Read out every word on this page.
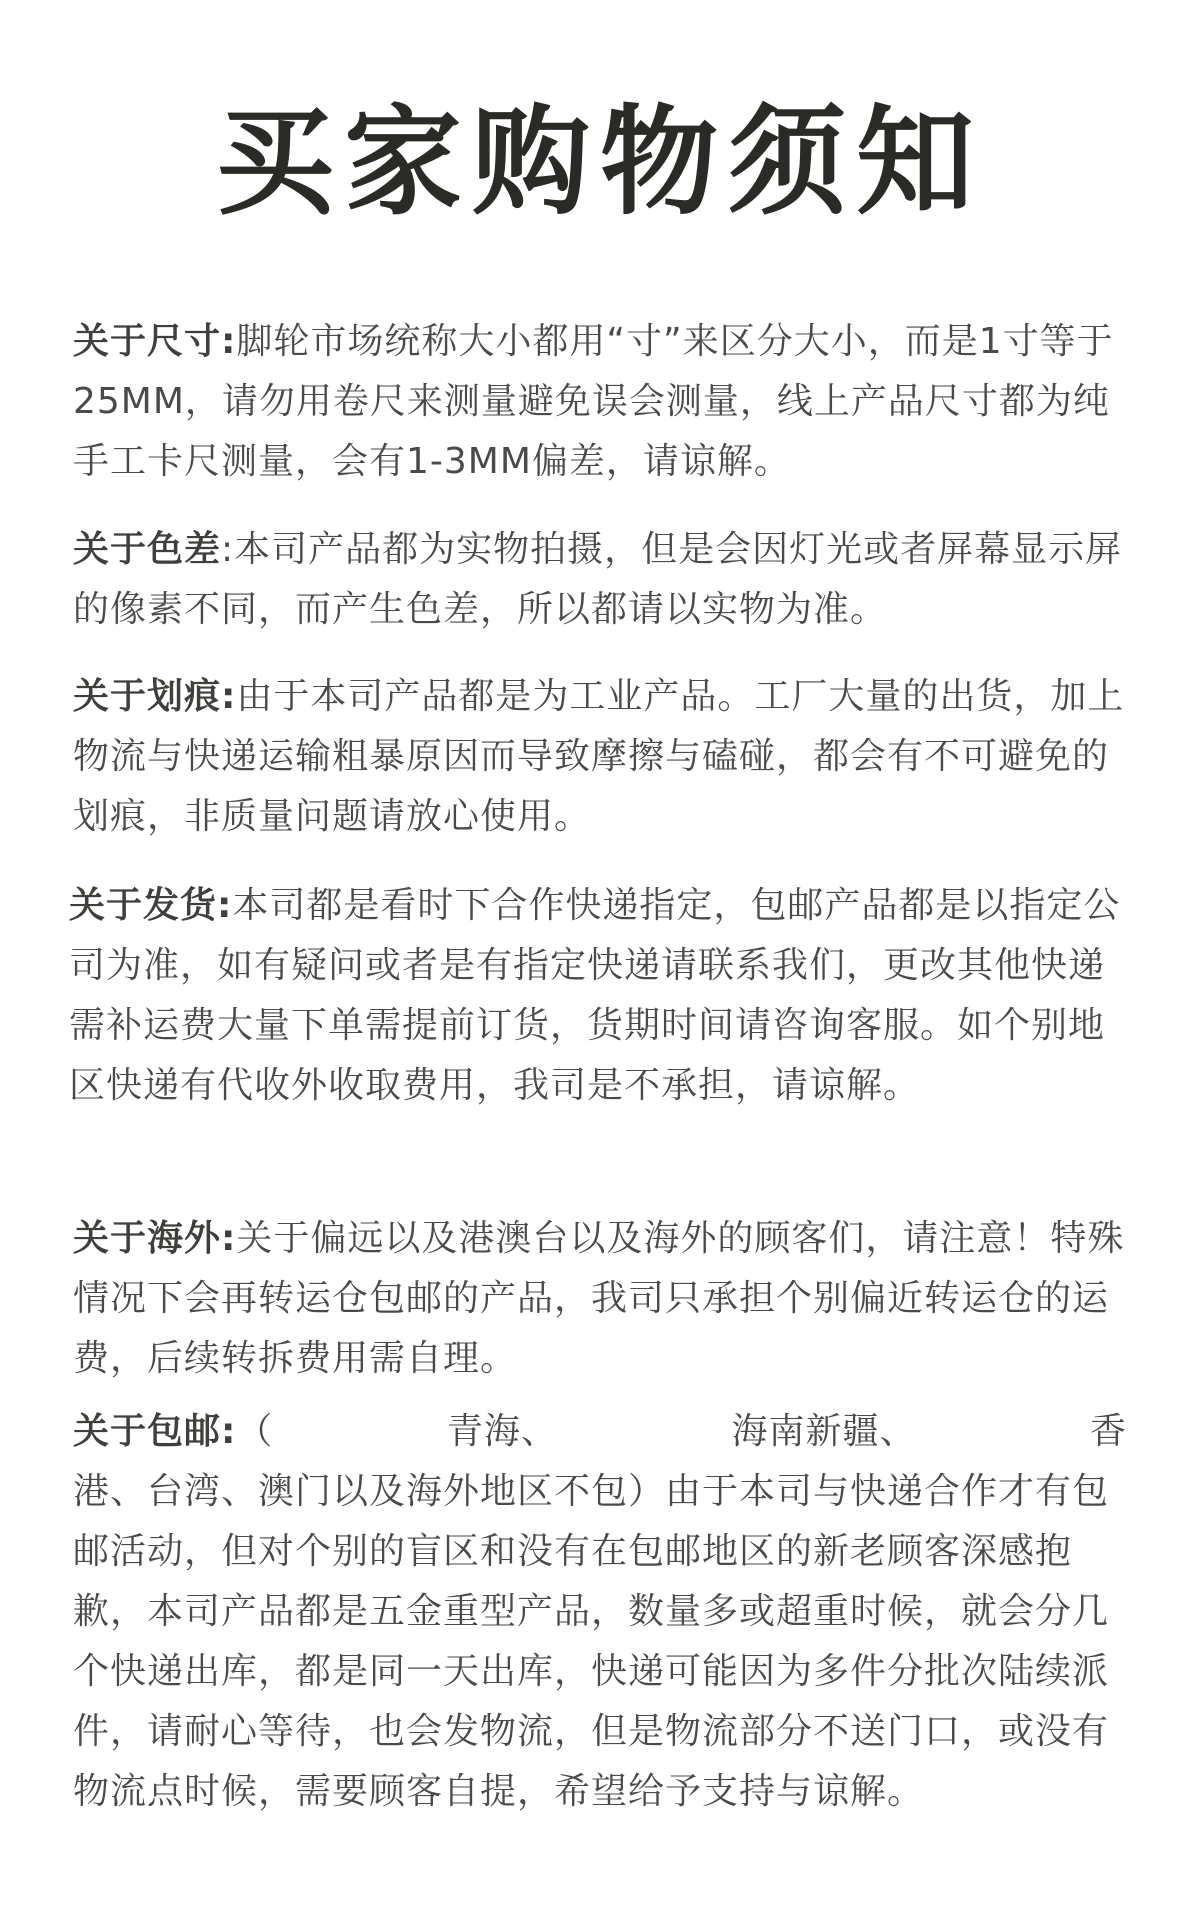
买家购物须知
关于尺寸:脚轮市场统称大小都用“寸”来区分大小，而是1寸等于25MM，请勿用卷尺来测量避免误会测量，线上产品尺寸都为纯手工卡尺测量，会有1-3MM偏差，请谅解。
关于色差:本司产品都为实物拍摄，但是会因灯光或者屏幕显示屏的像素不同，而产生色差，所以都请以实物为准。
关于划痕:由于本司产品都是为工业产品。工厂大量的出货，加上物流与快递运输粗暴原因而导致摩擦与磕碰，都会有不可避免的划痕，非质量问题请放心使用。
关于发货:本司都是看时下合作快递指定，包邮产品都是以指定公司为准，如有疑问或者是有指定快递请联系我们，更改其他快递需补运费大量下单需提前订货，货期时间请咨询客服。如个别地区快递有代收外收取费用，我司是不承担，请谅解。
关于海外:关于偏远以及港澳台以及海外的顾客们，请注意！特殊情况下会再转运仓包邮的产品，我司只承担个别偏近转运仓的运费，后续转拆费用需自理。
关于包邮:（	青海、	海南新疆、	香
港、台湾、澳门以及海外地区不包）由于本司与快递合作才有包邮活动，但对个别的盲区和没有在包邮地区的新老顾客深感抱歉，本司产品都是五金重型产品，数量多或超重时候，就会分几个快递出库，都是同一天出库，快递可能因为多件分批次陆续派件，请耐心等待，也会发物流，但是物流部分不送门口，或没有物流点时候，需要顾客自提，希望给予支持与谅解。
